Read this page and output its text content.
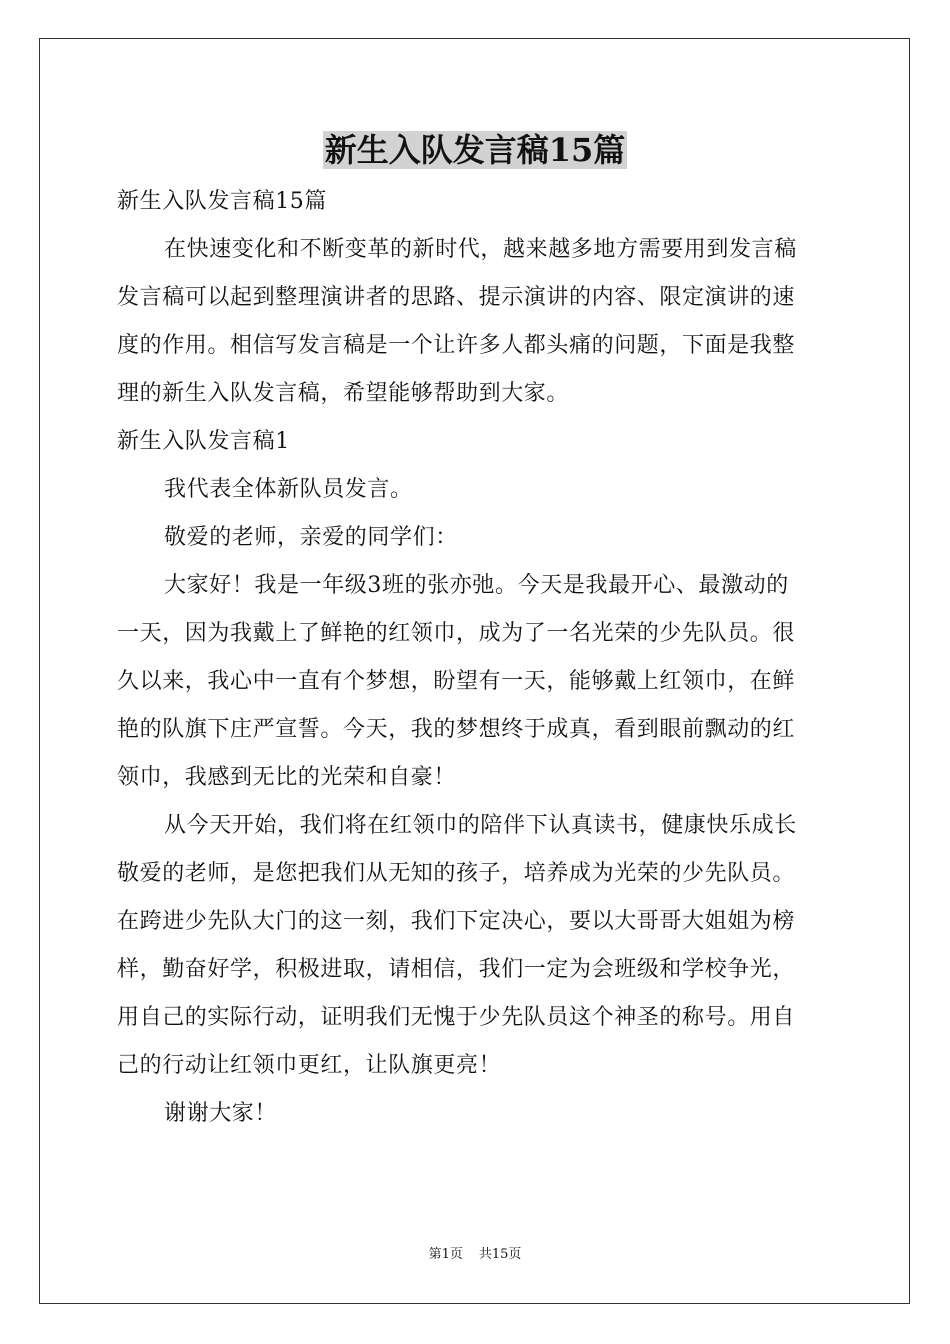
新生入队发言稿15篇

新生入队发言稿15篇

在快速变化和不断变革的新时代，越来越多地方需要用到发言稿

发言稿可以起到整理演讲者的思路、提示演讲的内容、限定演讲的速

度的作用。相信写发言稿是一个让许多人都头痛的问题，下面是我整

理的新生入队发言稿，希望能够帮助到大家。

新生入队发言稿1

我代表全体新队员发言。

敬爱的老师，亲爱的同学们：

大家好！我是一年级3班的张亦弛。今天是我最开心、最激动的

一天，因为我戴上了鲜艳的红领巾，成为了一名光荣的少先队员。很

久以来，我心中一直有个梦想，盼望有一天，能够戴上红领巾，在鲜

艳的队旗下庄严宣誓。今天，我的梦想终于成真，看到眼前飘动的红

领巾，我感到无比的光荣和自豪！

从今天开始，我们将在红领巾的陪伴下认真读书，健康快乐成长

敬爱的老师，是您把我们从无知的孩子，培养成为光荣的少先队员。

在跨进少先队大门的这一刻，我们下定决心，要以大哥哥大姐姐为榜

样，勤奋好学，积极进取，请相信，我们一定为会班级和学校争光，

用自己的实际行动，证明我们无愧于少先队员这个神圣的称号。用自

己的行动让红领巾更红，让队旗更亮！

谢谢大家！

第1页 共15页
